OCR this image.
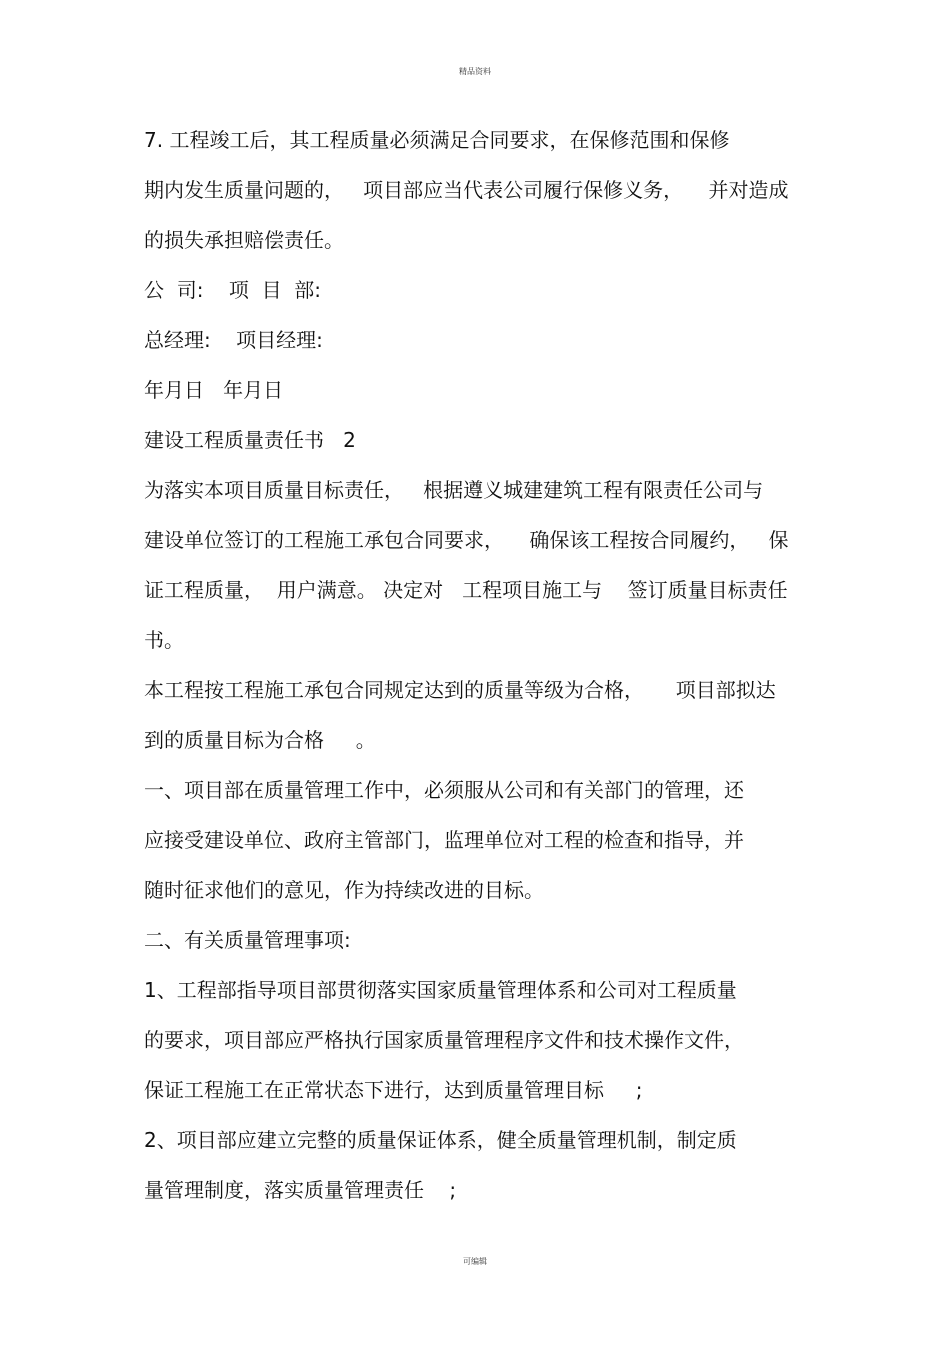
精品资料
7. 工程竣工后，其工程质量必须满足合同要求，在保修范围和保修
期内发生质量问题的，   项目部应当代表公司履行保修义务，    并对造成
的损失承担赔偿责任。
公  司:    项  目  部:
总经理:    项目经理:
年月日   年月日
建设工程质量责任书   2
为落实本项目质量目标责任，   根据遵义城建建筑工程有限责任公司与
建设单位签订的工程施工承包合同要求，    确保该工程按合同履约，   保
证工程质量，  用户满意。 决定对   工程项目施工与    签订质量目标责任
书。
本工程按工程施工承包合同规定达到的质量等级为合格，     项目部拟达
到的质量目标为合格     。
一、项目部在质量管理工作中，必须服从公司和有关部门的管理，还
应接受建设单位、政府主管部门，监理单位对工程的检查和指导，并
随时征求他们的意见，作为持续改进的目标。
二、有关质量管理事项:
1、工程部指导项目部贯彻落实国家质量管理体系和公司对工程质量
的要求，项目部应严格执行国家质量管理程序文件和技术操作文件，
保证工程施工在正常状态下进行，达到质量管理目标     ;
2、项目部应建立完整的质量保证体系，健全质量管理机制，制定质
量管理制度，落实质量管理责任    ;
可编辑
